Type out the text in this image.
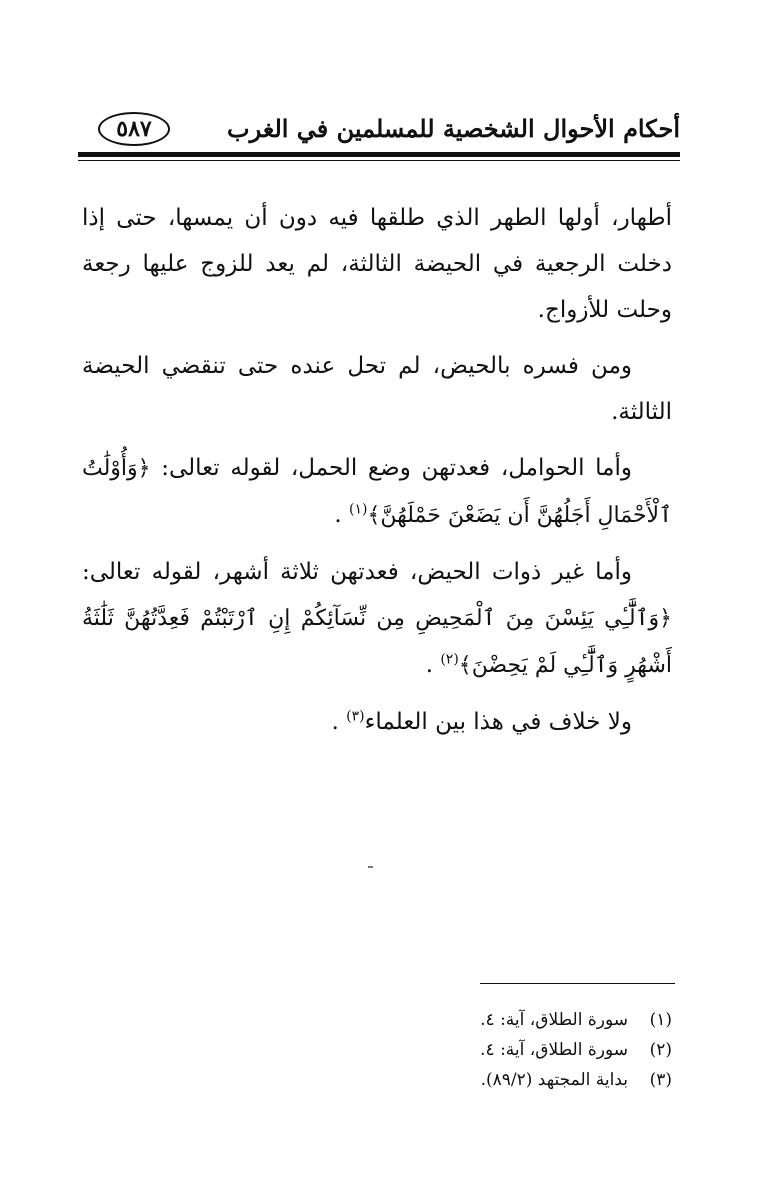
أحكام الأحوال الشخصية للمسلمين في الغرب
٥٨٧

أطهار، أولها الطهر الذي طلقها فيه دون أن يمسها، حتى إذا دخلت الرجعية في الحيضة الثالثة، لم يعد للزوج عليها رجعة وحلت للأزواج.

ومن فسره بالحيض، لم تحل عنده حتى تنقضي الحيضة الثالثة.

وأما الحوامل، فعدتهن وضع الحمل، لقوله تعالى: ﴿وَأُوْلَٰتُ ٱلْأَحْمَالِ أَجَلُهُنَّ أَن يَضَعْنَ حَمْلَهُنَّ﴾$^{(١)}$ .

وأما غير ذوات الحيض، فعدتهن ثلاثة أشهر، لقوله تعالى: ﴿وَٱلَّٰٓـِٔي يَئِسْنَ مِنَ ٱلْمَحِيضِ مِن نِّسَآئِكُمْ إِنِ ٱرْتَبْتُمْ فَعِدَّتُهُنَّ ثَلَٰثَةُ أَشْهُرٍ وَٱلَّٰٓـِٔي لَمْ يَحِضْنَ﴾$^{(٢)}$ .

ولا خلاف في هذا بين العلماء$^{(٣)}$ .

(١)سورة الطلاق، آية: ٤.
(٢)سورة الطلاق، آية: ٤.
(٣)بداية المجتهد (٨٩/٢).
